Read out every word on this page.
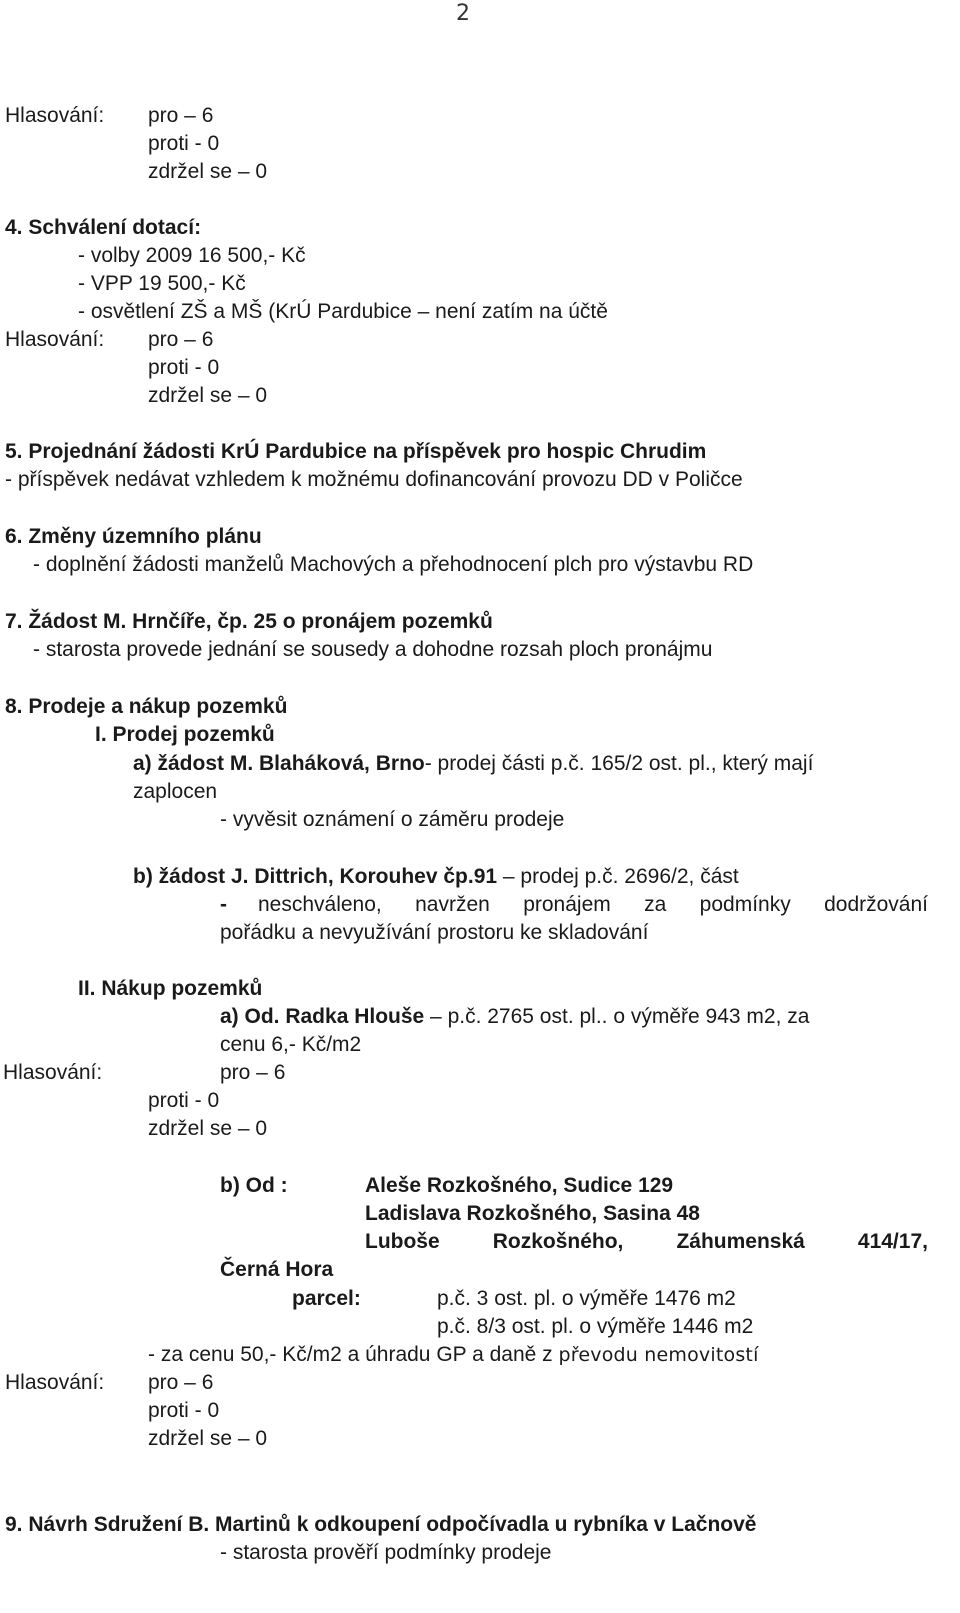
2
Hlasování: pro – 6
proti - 0
zdržel se – 0
4. Schválení dotací:
- volby 2009 16 500,- Kč
- VPP 19 500,- Kč
- osvětlení ZŠ a MŠ (KrÚ Pardubice – není zatím na účtě
Hlasování: pro – 6
proti - 0
zdržel se – 0
5. Projednání žádosti KrÚ Pardubice na příspěvek pro hospic Chrudim
- příspěvek nedávat vzhledem k možnému dofinancování provozu DD v Poličce
6. Změny územního plánu
- doplnění žádosti manželů Machových a přehodnocení plch pro výstavbu RD
7. Žádost M. Hrnčíře, čp. 25 o pronájem pozemků
- starosta provede jednání se sousedy a dohodne rozsah ploch pronájmu
8. Prodeje a nákup pozemků
I. Prodej pozemků
a) žádost M. Blaháková, Brno- prodej části p.č. 165/2 ost. pl., který mají
zaplocen
- vyvěsit oznámení o záměru prodeje
b) žádost J. Dittrich, Korouhev čp.91 – prodej p.č. 2696/2, část
- neschváleno, navržen pronájem za podmínky dodržování
pořádku a nevyužívání prostoru ke skladování
II. Nákup pozemků
a) Od. Radka Hlouše – p.č. 2765 ost. pl.. o výměře 943 m2, za
cenu 6,- Kč/m2
Hlasování:	pro – 6
proti - 0
zdržel se – 0
b) Od :	Aleše Rozkošného, Sudice 129
Ladislava Rozkošného, Sasina 48
Luboše	Rozkošného,	Záhumenská	414/17,
Černá Hora
parcel:	p.č. 3 ost. pl. o výměře 1476 m2
p.č. 8/3 ost. pl. o výměře 1446 m2
- za cenu 50,- Kč/m2 a úhradu GP a daně z převodu nemovitostí
Hlasování: pro – 6
proti - 0
zdržel se – 0
9. Návrh Sdružení B. Martinů k odkoupení odpočívadla u rybníka v Lačnově
- starosta prověří podmínky prodeje
